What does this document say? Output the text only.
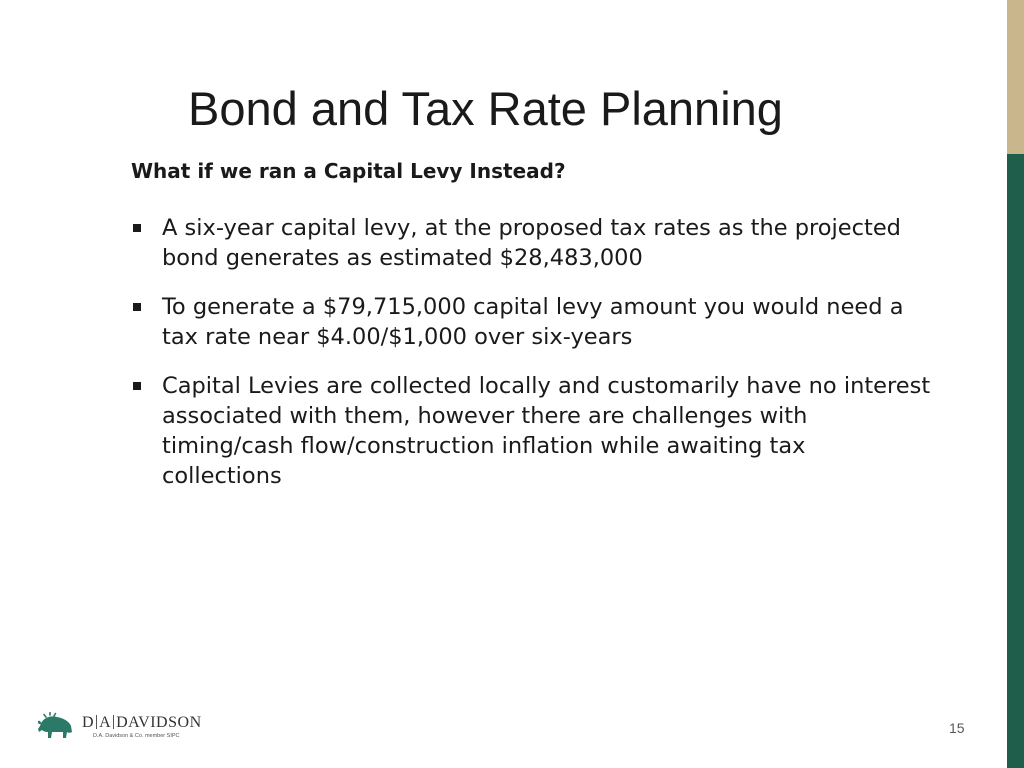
Bond and Tax Rate Planning
What if we ran a Capital Levy Instead?
A six-year capital levy, at the proposed tax rates as the projected bond generates as estimated $28,483,000
To generate a $79,715,000 capital levy amount you would need a tax rate near $4.00/$1,000 over six-years
Capital Levies are collected locally and customarily have no interest associated with them, however there are challenges with timing/cash flow/construction inflation while awaiting tax collections
D A DAVIDSON
D.A. Davidson & Co. member SIPC	15
